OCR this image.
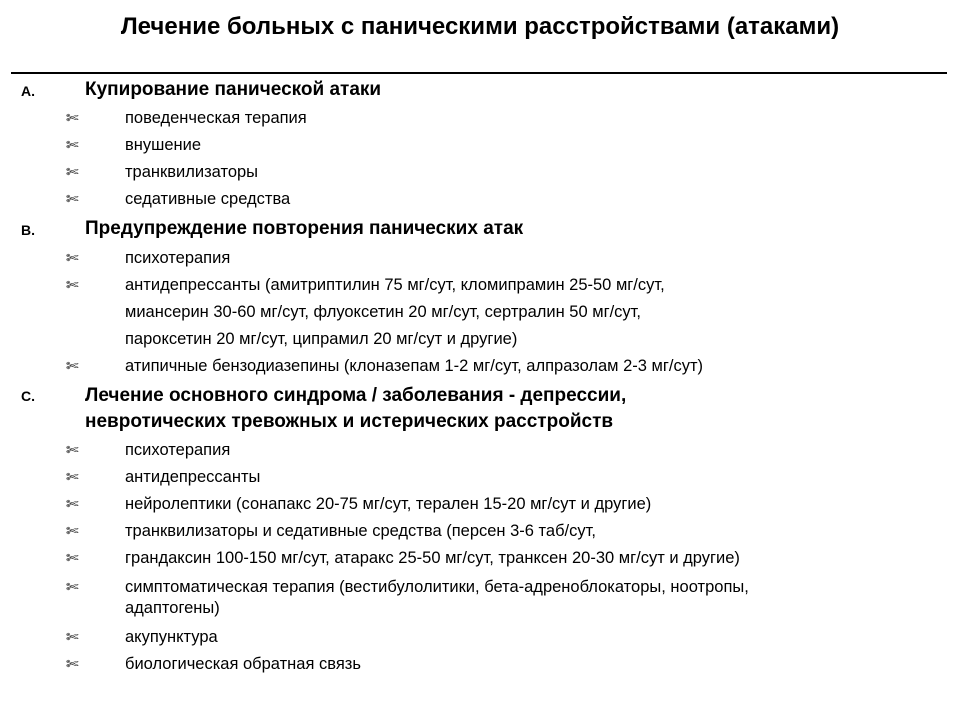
Лечение больных с паническими расстройствами (атаками)
A.	Купирование панической атаки
✄	поведенческая терапия
✄	внушение
✄	транквилизаторы
✄	седативные средства
B.	Предупреждение повторения панических атак
✄	психотерапия
✄	антидепрессанты (амитриптилин 75 мг/сут, кломипрамин 25-50 мг/сут,
миансерин 30-60 мг/сут, флуоксетин 20 мг/сут, сертралин 50 мг/сут,
пароксетин 20 мг/сут, ципрамил 20 мг/сут и другие)
✄	атипичные бензодиазепины (клоназепам 1-2 мг/сут, алпразолам 2-3 мг/сут)
C.	Лечение основного синдрома / заболевания - депрессии,
невротических тревожных и истерических расстройств
✄	психотерапия
✄	антидепрессанты
✄	нейролептики (сонапакс 20-75 мг/сут, терален 15-20 мг/сут и другие)
✄	транквилизаторы и седативные средства (персен 3-6 таб/сут,
✄	грандаксин 100-150 мг/сут, атаракс 25-50 мг/сут, транксен 20-30 мг/сут и другие)
✄	симптоматическая терапия (вестибулолитики, бета-адреноблокаторы, ноотропы,
адаптогены)
✄	акупунктура
✄	биологическая обратная связь
